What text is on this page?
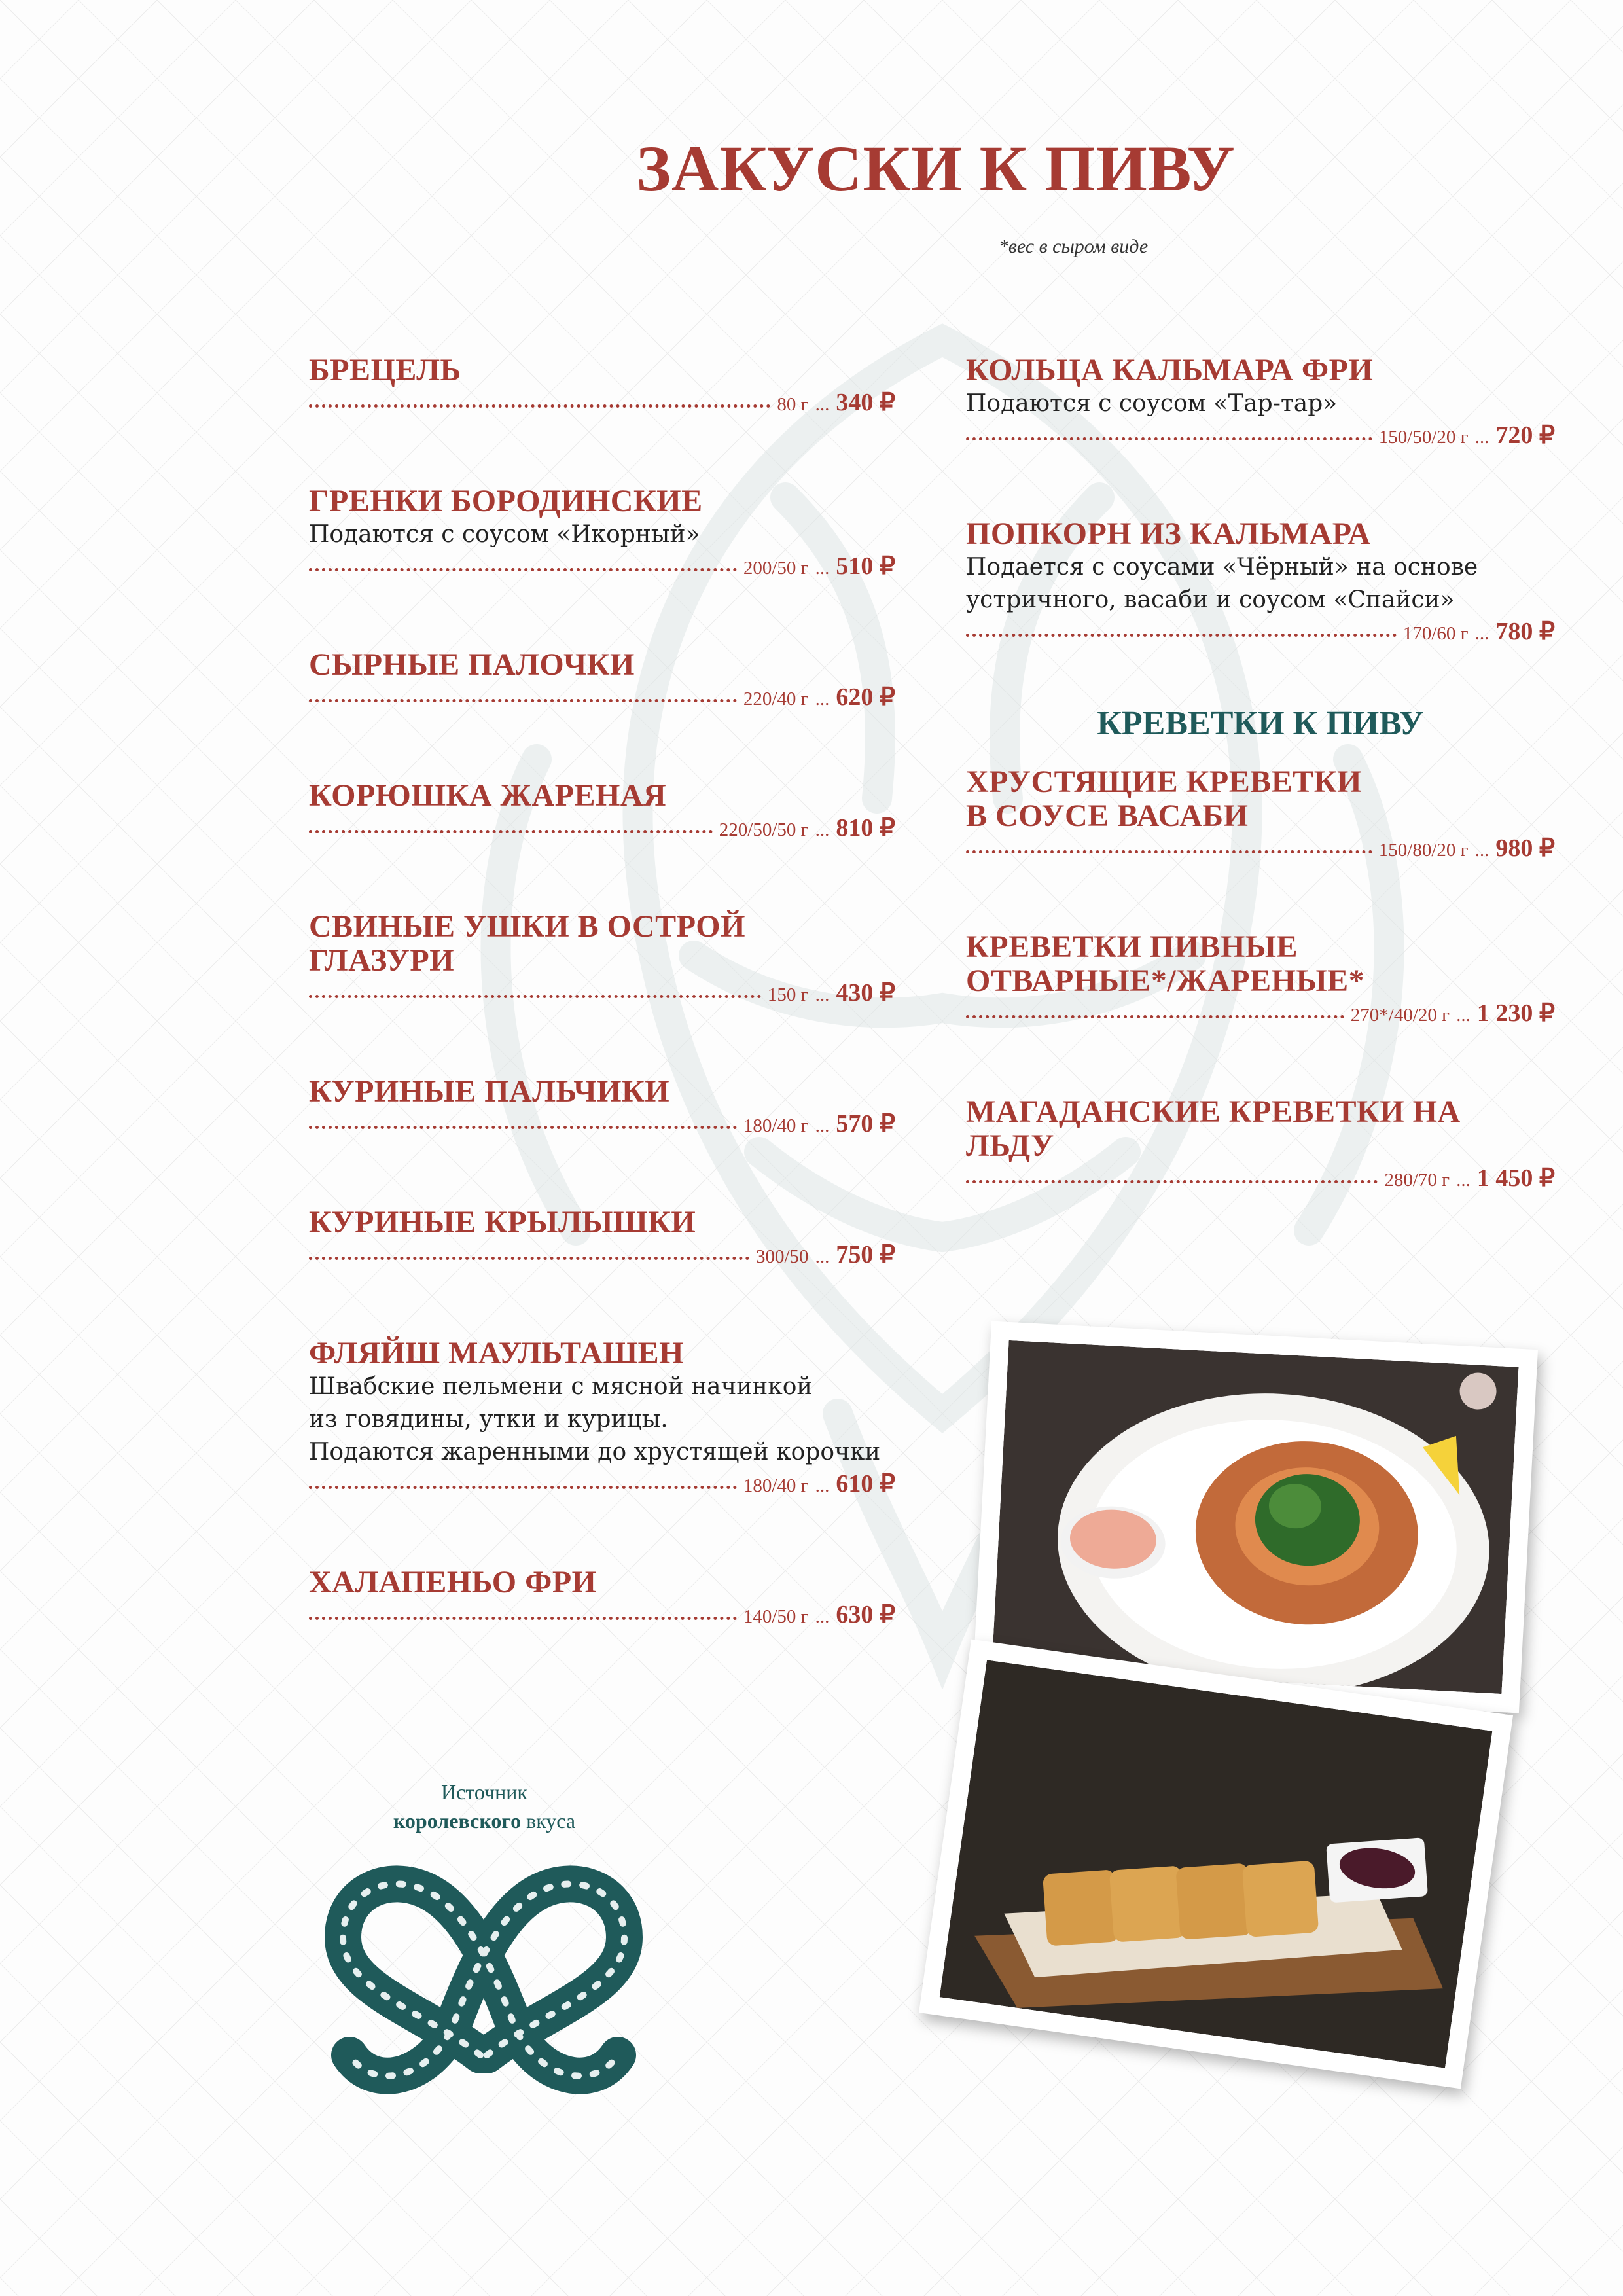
ЗАКУСКИ К ПИВУ
*вес в сыром виде
БРЕЦЕЛЬ
80 г ... 340 ₽
ГРЕНКИ БОРОДИНСКИЕ
Подаются с соусом «Икорный»
200/50 г ... 510 ₽
СЫРНЫЕ ПАЛОЧКИ
220/40 г ... 620 ₽
КОРЮШКА ЖАРЕНАЯ
220/50/50 г ... 810 ₽
СВИНЫЕ УШКИ В ОСТРОЙ ГЛАЗУРИ
150 г ... 430 ₽
КУРИНЫЕ ПАЛЬЧИКИ
180/40 г ... 570 ₽
КУРИНЫЕ КРЫЛЫШКИ
300/50 ... 750 ₽
ФЛЯЙШ МАУЛЬТАШЕН
Швабские пельмени с мясной начинкой
из говядины, утки и курицы.
Подаются жаренными до хрустящей корочки
180/40 г ... 610 ₽
ХАЛАПЕНЬО ФРИ
140/50 г ... 630 ₽
КОЛЬЦА КАЛЬМАРА ФРИ
Подаются с соусом «Тар-тар»
150/50/20 г ... 720 ₽
ПОПКОРН ИЗ КАЛЬМАРА
Подается с соусами «Чёрный» на основе
устричного, васаби и соусом «Спайси»
170/60 г ... 780 ₽
КРЕВЕТКИ К ПИВУ
ХРУСТЯЩИЕ КРЕВЕТКИ
В СОУСЕ ВАСАБИ
150/80/20 г ... 980 ₽
КРЕВЕТКИ ПИВНЫЕ
ОТВАРНЫЕ*/ЖАРЕНЫЕ*
270*/40/20 г ... 1 230 ₽
МАГАДАНСКИЕ КРЕВЕТКИ НА ЛЬДУ
280/70 г ... 1 450 ₽
Источник
королевского вкуса
